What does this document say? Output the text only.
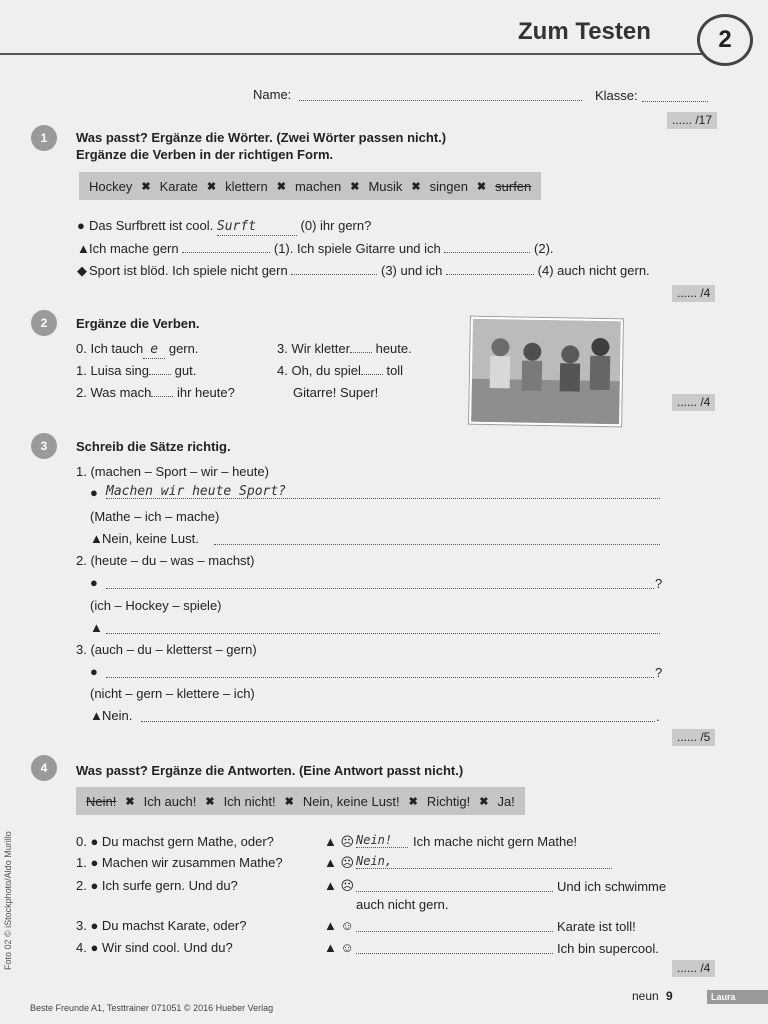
Zum Testen	2
Name:	Klasse:
...... /17
1	Was passt? Ergänze die Wörter. (Zwei Wörter passen nicht.)
Ergänze die Verben in der richtigen Form.
Hockey ✖ Karate ✖ klettern ✖ machen ✖ Musik ✖ singen ✖ surfen
● Das Surfbrett ist cool. Surft	(0) ihr gern?
▲Ich mache gern	(1). Ich spiele Gitarre und ich	(2).
◆ Sport ist blöd. Ich spiele nicht gern	(3) und ich	(4) auch nicht gern.
...... /4
2	Ergänze die Verben.
0. Ich tauch e gern.
1. Luisa sing gut.
2. Was mach ihr heute?
3. Wir kletter heute.
4. Oh, du spiel toll
Gitarre! Super!
...... /4
3	Schreib die Sätze richtig.
1. (machen – Sport – wir – heute)
● Machen wir heute Sport?
(Mathe – ich – mache)
▲Nein, keine Lust.
2. (heute – du – was – machst)
●	?
(ich – Hockey – spiele)
▲
3. (auch – du – kletterst – gern)
●	?
(nicht – gern – klettere – ich)
▲Nein.	.
...... /5
4	Was passt? Ergänze die Antworten. (Eine Antwort passt nicht.)
Nein! ✖ Ich auch! ✖ Ich nicht! ✖ Nein, keine Lust! ✖ Richtig! ✖ Ja!
0. ● Du machst gern Mathe, oder?	▲ ☹ Nein!	Ich mache nicht gern Mathe!
1. ● Machen wir zusammen Mathe?	▲ ☹ Nein,
2. ● Ich surfe gern. Und du?	▲ ☹	Und ich schwimme
auch nicht gern.
3. ● Du machst Karate, oder?	▲ ☺	Karate ist toll!
4. ● Wir sind cool. Und du?	▲ ☺	Ich bin supercool.
...... /4
Foto 02 © iStockphoto/Aldo Murillo
Beste Freunde A1, Testtrainer 071051 © 2016 Hueber Verlag
neun 9	Laura
